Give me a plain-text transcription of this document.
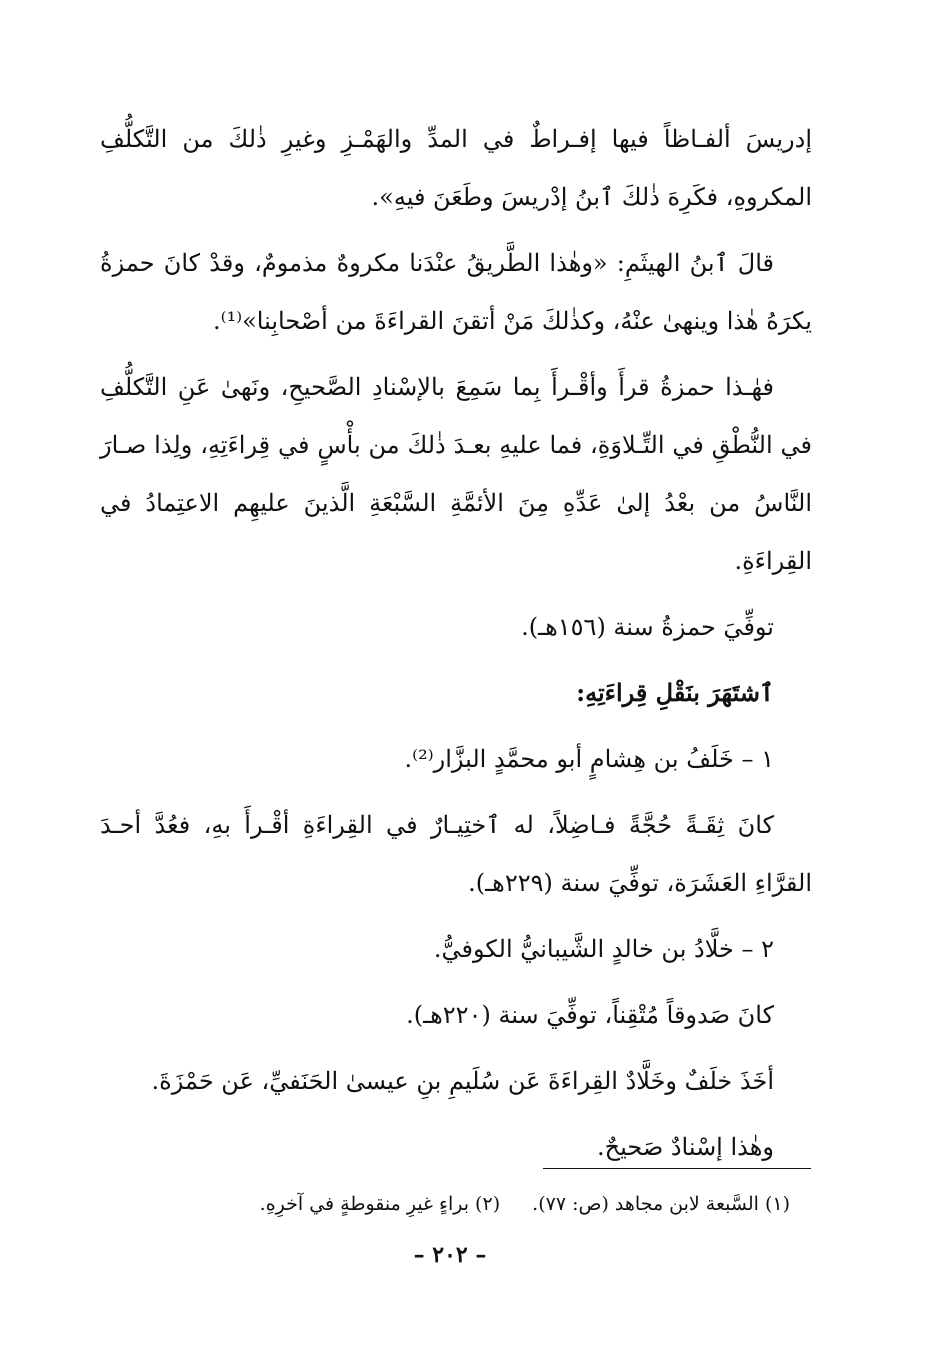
إدريسَ ألفـاظاً فيها إفـراطٌ في المدِّ والهَمْـزِ وغيرِ ذٰلكَ من التَّكلُّفِ المكروهِ، فكَرِهَ ذٰلكَ ٱبنُ إدْريسَ وطَعَنَ فيهِ».

قالَ ٱبنُ الهيثَمِ: «وهٰذا الطَّريقُ عنْدَنا مكروهٌ مذمومٌ، وقدْ كانَ حمزةُ يكرَهُ هٰذا وينهىٰ عنْهُ، وكذٰلكَ مَنْ أتقنَ القراءَةَ من أصْحابِنا»⁽¹⁾.

فهٰـذا حمزةُ قرأَ وأقْـرأَ بِما سَمِعَ بالإسْنادِ الصَّحيحِ، ونَهىٰ عَنِ التَّكلُّفِ في النُّطْقِ في التِّـلاوَةِ، فما عليهِ بعـدَ ذٰلكَ من بأْسٍ في قِراءَتِهِ، ولِذا صـارَ النَّاسُ من بعْدُ إلىٰ عَدِّهِ مِنَ الأئمَّةِ السَّبْعَةِ الَّذينَ عليهِم الاعتِمادُ في القِراءَةِ.

توفِّيَ حمزةُ سنة (١٥٦هـ).

ٱشتَهَرَ بنَقْلِ قِراءَتِهِ:

١ – خَلَفُ بن هِشامٍ أبو محمَّدٍ البزَّار⁽²⁾.

كانَ ثِقَـةً حُجَّةً فـاضِلاً، له ٱختِيـارٌ في القِراءَةِ أقْـرأَ بهِ، فعُدَّ أحـدَ القرَّاءِ العَشَرَة، توفِّيَ سنة (٢٢٩هـ).

٢ – خلَّادُ بن خالدٍ الشَّيبانيُّ الكوفيُّ.

كانَ صَدوقاً مُتْقِناً، توفِّيَ سنة (٢٢٠هـ).

أخَذَ خلَفٌ وخَلَّادٌ القِراءَةَ عَن سُلَيمِ بنِ عيسىٰ الحَنَفيِّ، عَن حَمْزَةَ.

وهٰذا إسْنادٌ صَحيحٌ.

(١) السَّبعة لابن مجاهد (ص: ٧٧). (٢) براءٍ غيرِ منقوطةٍ في آخرِهِ.
– ٢٠٢ –
